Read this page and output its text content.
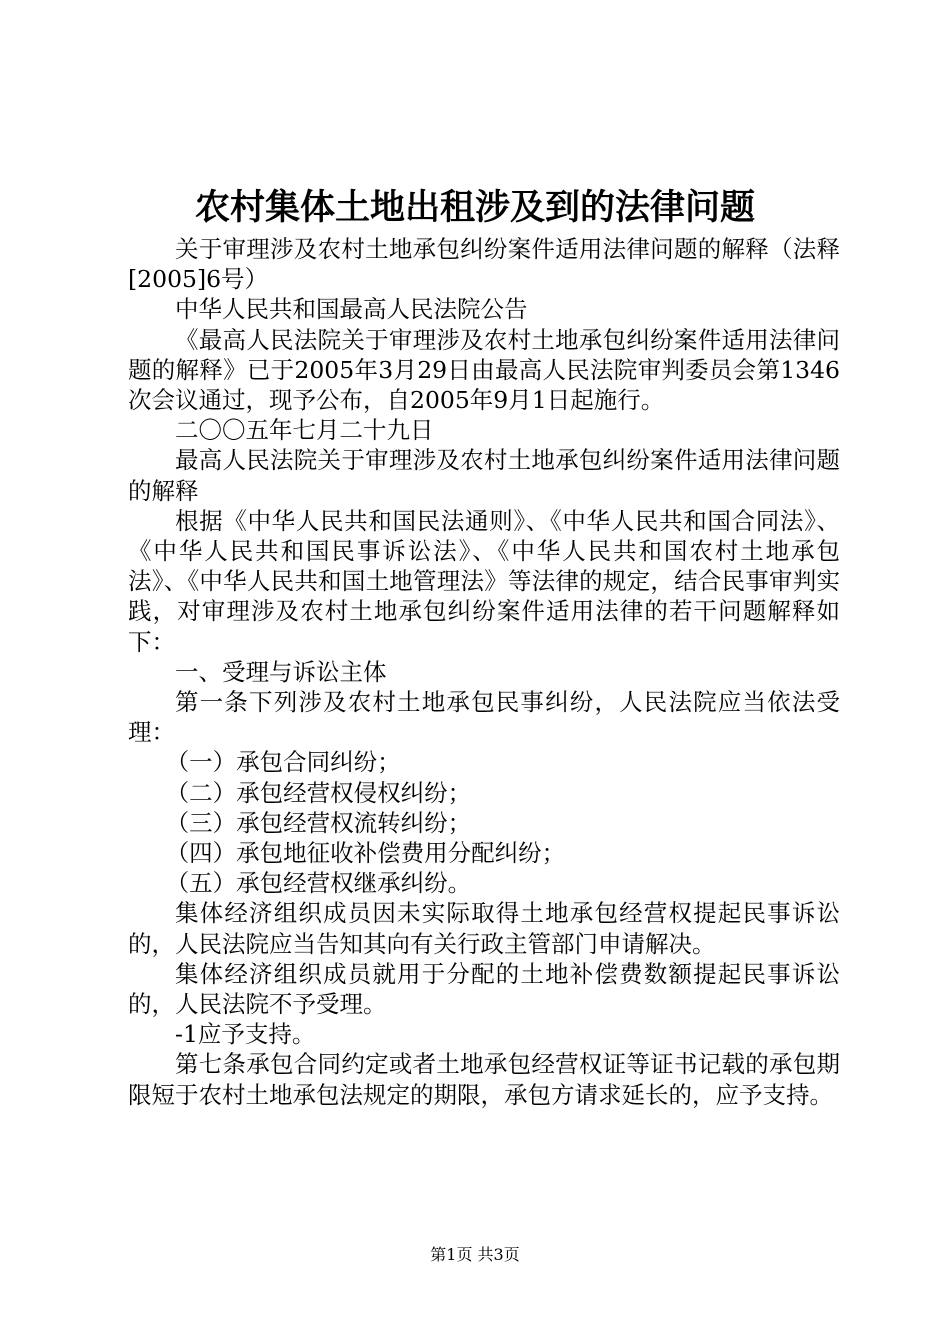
农村集体土地出租涉及到的法律问题

关于审理涉及农村土地承包纠纷案件适用法律问题的解释（法释[2005]6号）

中华人民共和国最高人民法院公告

《最高人民法院关于审理涉及农村土地承包纠纷案件适用法律问题的解释》已于2005年3月29日由最高人民法院审判委员会第1346次会议通过，现予公布，自2005年9月1日起施行。

二〇〇五年七月二十九日

最高人民法院关于审理涉及农村土地承包纠纷案件适用法律问题的解释

根据《中华人民共和国民法通则》、《中华人民共和国合同法》、《中华人民共和国民事诉讼法》、《中华人民共和国农村土地承包法》、《中华人民共和国土地管理法》等法律的规定，结合民事审判实践，对审理涉及农村土地承包纠纷案件适用法律的若干问题解释如下：

一、受理与诉讼主体

第一条下列涉及农村土地承包民事纠纷，人民法院应当依法受理：

（一）承包合同纠纷；

（二）承包经营权侵权纠纷；

（三）承包经营权流转纠纷；

（四）承包地征收补偿费用分配纠纷；

（五）承包经营权继承纠纷。

集体经济组织成员因未实际取得土地承包经营权提起民事诉讼的，人民法院应当告知其向有关行政主管部门申请解决。

集体经济组织成员就用于分配的土地补偿费数额提起民事诉讼的，人民法院不予受理。

-1应予支持。

第七条承包合同约定或者土地承包经营权证等证书记载的承包期限短于农村土地承包法规定的期限，承包方请求延长的，应予支持。

第1页 共3页
